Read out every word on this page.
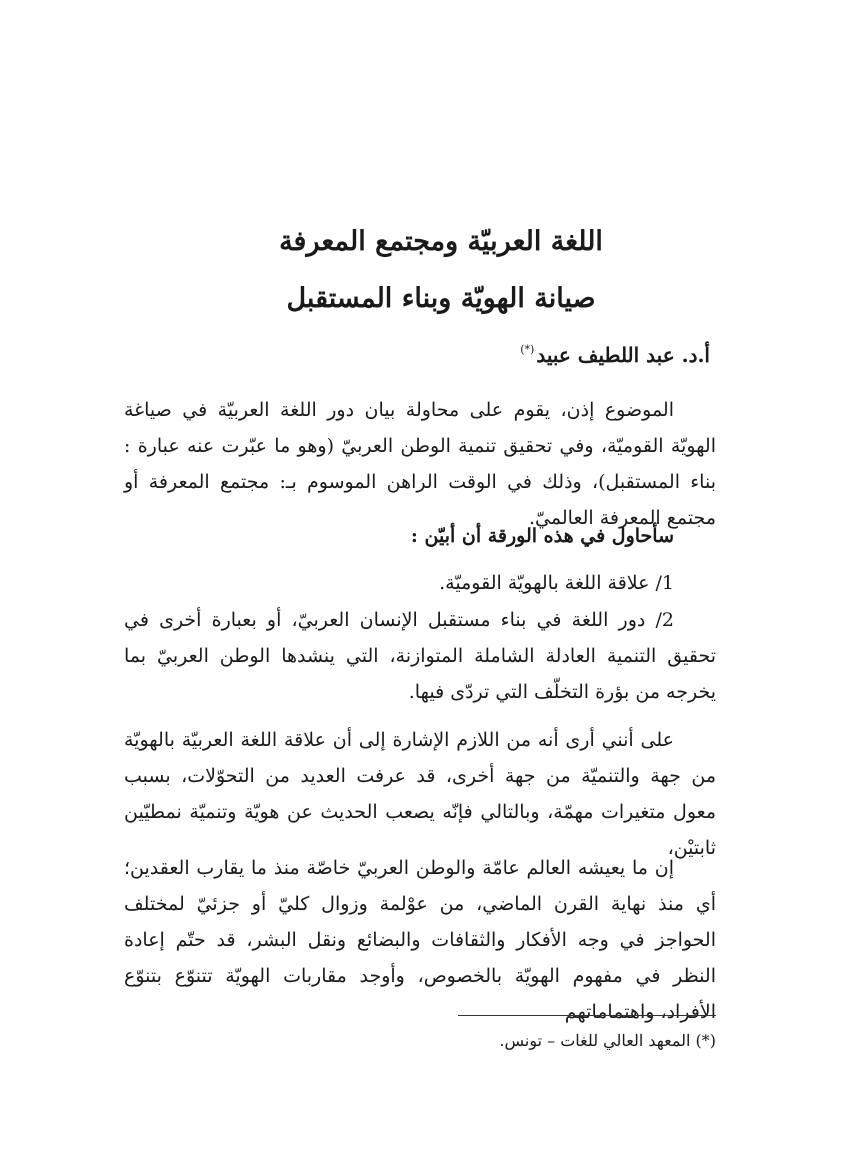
اللغة العربيّة ومجتمع المعرفة
صيانة الهويّة وبناء المستقبل
أ.د. عبد اللطيف عبيد(*)

الموضوع إذن، يقوم على محاولة بيان دور اللغة العربيّة في صياغة الهويّة القوميّة، وفي تحقيق تنمية الوطن العربيّ (وهو ما عبّرت عنه عبارة : بناء المستقبل)، وذلك في الوقت الراهن الموسوم بـ: مجتمع المعرفة أو مجتمع المعرفة العالميّ.

سأحاول في هذه الورقة أن أبيّن :

1/ علاقة اللغة بالهويّة القوميّة.

2/ دور اللغة في بناء مستقبل الإنسان العربيّ، أو بعبارة أخرى في تحقيق التنمية العادلة الشاملة المتوازنة، التي ينشدها الوطن العربيّ بما يخرجه من بؤرة التخلّف التي تردّى فيها.

على أنني أرى أنه من اللازم الإشارة إلى أن علاقة اللغة العربيّة بالهويّة من جهة والتنميّة من جهة أخرى، قد عرفت العديد من التحوّلات، بسبب معول متغيرات مهمّة، وبالتالي فإنّه يصعب الحديث عن هويّة وتنميّة نمطيّين ثابتيْن،

إن ما يعيشه العالم عامّة والوطن العربيّ خاصّة منذ ما يقارب العقدين؛ أي منذ نهاية القرن الماضي، من عوْلمة وزوال كليّ أو جزئيّ لمختلف الحواجز في وجه الأفكار والثقافات والبضائع ونقل البشر، قد حتّم إعادة النظر في مفهوم الهويّة بالخصوص، وأوجد مقاربات الهويّة تتنوّع بتنوّع الأفراد، واهتماماتهم

(*) المعهد العالي للغات – تونس.
